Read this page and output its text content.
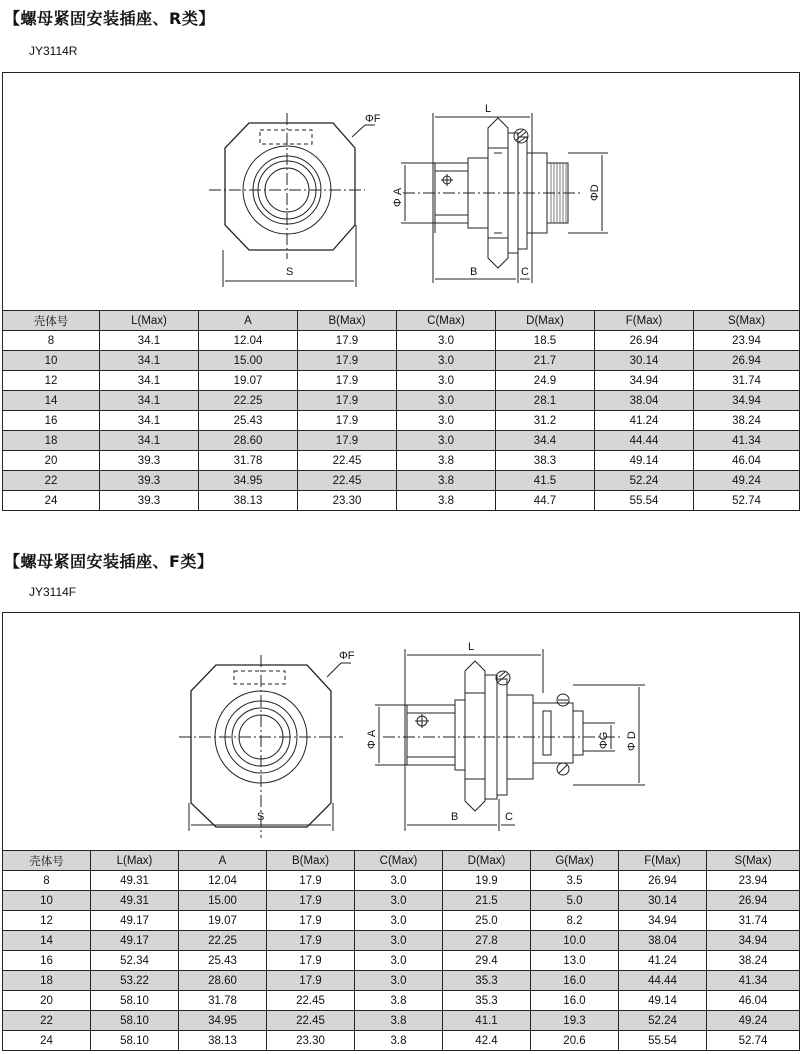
【螺母紧固安装插座、R类】
JY3114R
ΦF
S
L
B	C
Φ A	ΦD
壳体号	L(Max)	A	B(Max)	C(Max)	D(Max)	F(Max)	S(Max)
8	34.1	12.04	17.9	3.0	18.5	26.94	23.94
10	34.1	15.00	17.9	3.0	21.7	30.14	26.94
12	34.1	19.07	17.9	3.0	24.9	34.94	31.74
14	34.1	22.25	17.9	3.0	28.1	38.04	34.94
16	34.1	25.43	17.9	3.0	31.2	41.24	38.24
18	34.1	28.60	17.9	3.0	34.4	44.44	41.34
20	39.3	31.78	22.45	3.8	38.3	49.14	46.04
22	39.3	34.95	22.45	3.8	41.5	52.24	49.24
24	39.3	38.13	23.30	3.8	44.7	55.54	52.74
【螺母紧固安装插座、F类】
JY3114F
ΦF
S
L
B	C
Φ A	ΦG Φ D
壳体号	L(Max)	A	B(Max)	C(Max)	D(Max)	G(Max)	F(Max)	S(Max)
8	49.31	12.04	17.9	3.0	19.9	3.5	26.94	23.94
10	49.31	15.00	17.9	3.0	21.5	5.0	30.14	26.94
12	49.17	19.07	17.9	3.0	25.0	8.2	34.94	31.74
14	49.17	22.25	17.9	3.0	27.8	10.0	38.04	34.94
16	52.34	25.43	17.9	3.0	29.4	13.0	41.24	38.24
18	53.22	28.60	17.9	3.0	35.3	16.0	44.44	41.34
20	58.10	31.78	22.45	3.8	35.3	16.0	49.14	46.04
22	58.10	34.95	22.45	3.8	41.1	19.3	52.24	49.24
24	58.10	38.13	23.30	3.8	42.4	20.6	55.54	52.74
